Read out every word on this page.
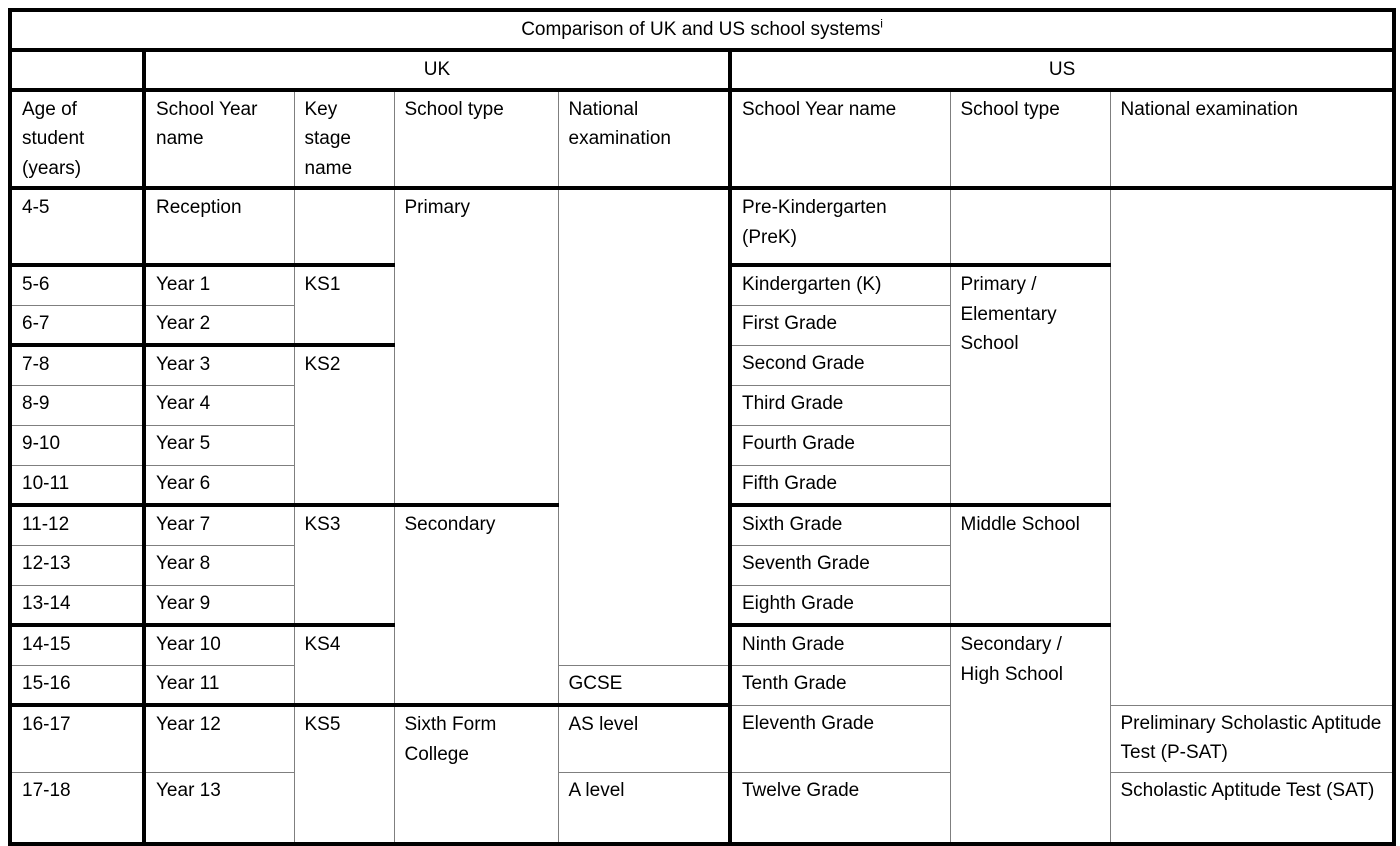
Comparison of UK and US school systems$^i$
	UK				US		
Age of student (years)	School Year name	Key stage name	School type	National examination	School Year name	School type	National examination
4-5	Reception		Primary		Pre-Kindergarten (PreK)		
5-6	Year 1	KS1			Kindergarten (K)	Primary / Elementary School	
6-7	Year 2				First Grade		
7-8	Year 3	KS2			Second Grade		
8-9	Year 4				Third Grade		
9-10	Year 5				Fourth Grade		
10-11	Year 6				Fifth Grade		
11-12	Year 7	KS3	Secondary		Sixth Grade	Middle School	
12-13	Year 8				Seventh Grade		
13-14	Year 9				Eighth Grade		
14-15	Year 10	KS4			Ninth Grade	Secondary / High School	
15-16	Year 11			GCSE	Tenth Grade		
16-17	Year 12	KS5	Sixth Form College	AS level	Eleventh Grade		Preliminary Scholastic Aptitude Test (P-SAT)
17-18	Year 13			A level	Twelve Grade		Scholastic Aptitude Test (SAT)
